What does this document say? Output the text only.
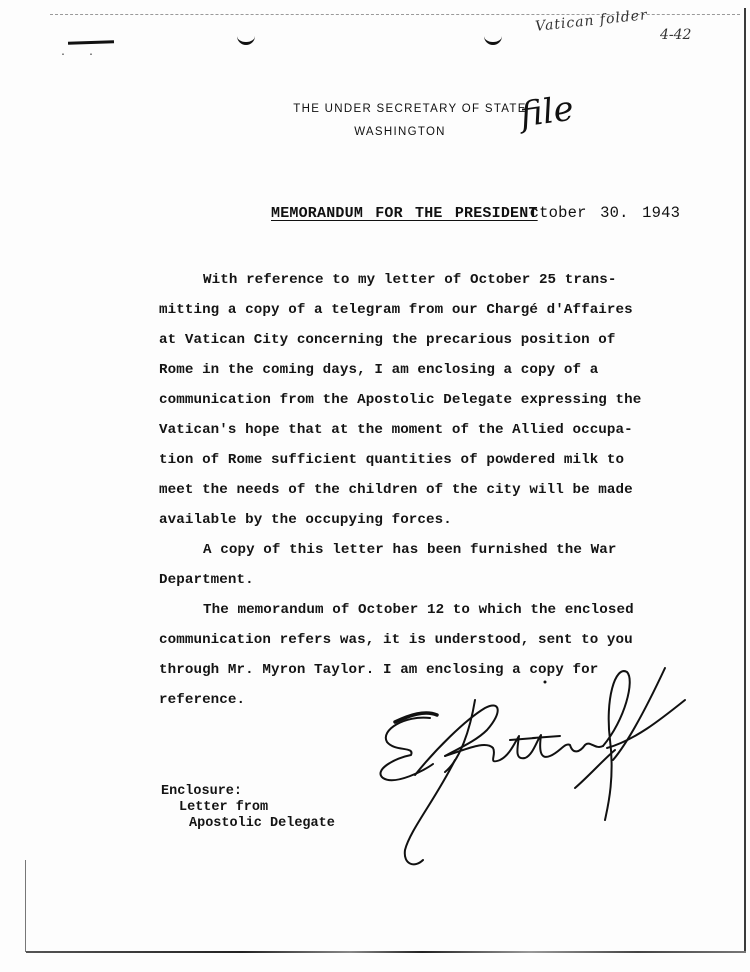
· ·
Vatican folder
4-42
file
THE UNDER SECRETARY OF STATE
WASHINGTON
MEMORANDUM FOR THE PRESIDENTctober 30. 1943
With reference to my letter of October 25 trans-
mitting a copy of a telegram from our Chargé d'Affaires
at Vatican City concerning the precarious position of
Rome in the coming days, I am enclosing a copy of a
communication from the Apostolic Delegate expressing the
Vatican's hope that at the moment of the Allied occupa-
tion of Rome sufficient quantities of powdered milk to
meet the needs of the children of the city will be made
available by the occupying forces.
A copy of this letter has been furnished the War
Department.
The memorandum of October 12 to which the enclosed
communication refers was, it is understood, sent to you
through Mr. Myron Taylor. I am enclosing a copy for
reference.
Enclosure:
Letter from
Apostolic Delegate
